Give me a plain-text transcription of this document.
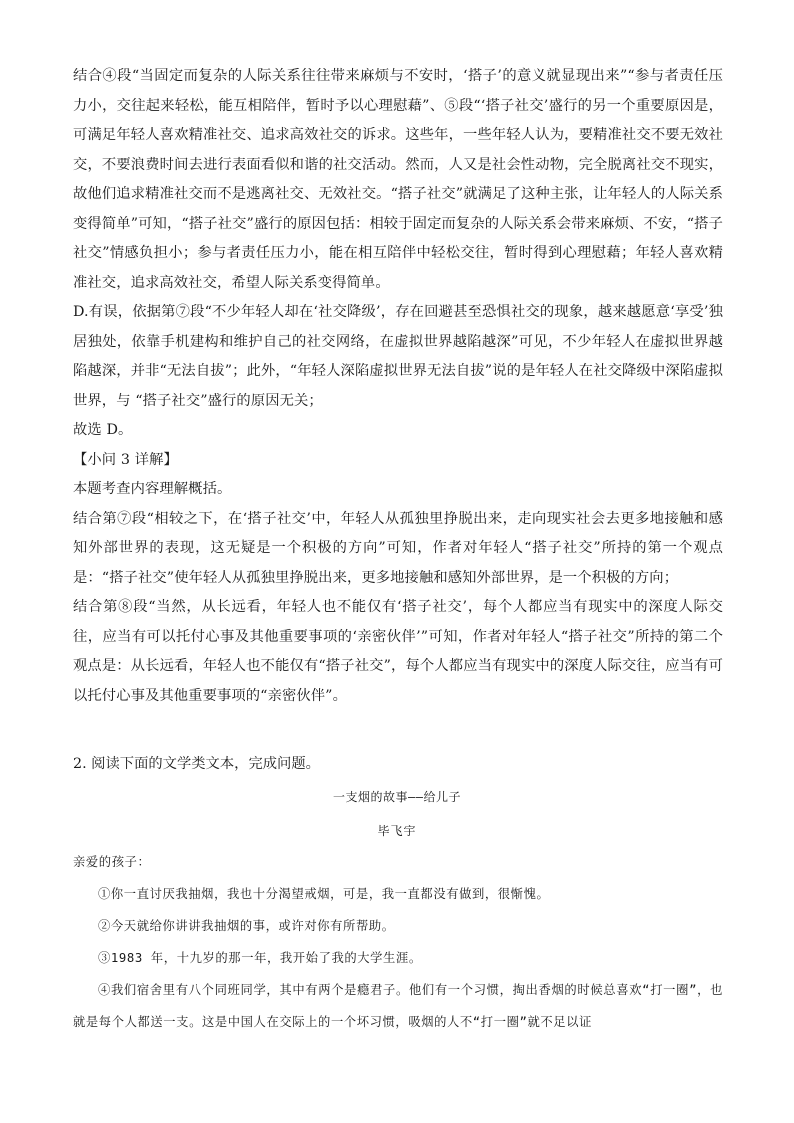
结合④段“当固定而复杂的人际关系往往带来麻烦与不安时，‘搭子’的意义就显现出来”“参与者责任压力小，交往起来轻松，能互相陪伴，暂时予以心理慰藉”、⑤段“‘搭子社交’盛行的另一个重要原因是，可满足年轻人喜欢精准社交、追求高效社交的诉求。这些年，一些年轻人认为，要精准社交不要无效社交，不要浪费时间去进行表面看似和谐的社交活动。然而，人又是社会性动物，完全脱离社交不现实，故他们追求精准社交而不是逃离社交、无效社交。“搭子社交”就满足了这种主张，让年轻人的人际关系变得简单”可知，“搭子社交”盛行的原因包括：相较于固定而复杂的人际关系会带来麻烦、不安，“搭子社交”情感负担小；参与者责任压力小，能在相互陪伴中轻松交往，暂时得到心理慰藉；年轻人喜欢精准社交，追求高效社交，希望人际关系变得简单。

D.有误，依据第⑦段“不少年轻人却在‘社交降级’，存在回避甚至恐惧社交的现象，越来越愿意‘享受’独居独处，依靠手机建构和维护自己的社交网络，在虚拟世界越陷越深”可见，不少年轻人在虚拟世界越陷越深，并非“无法自拔”；此外，“年轻人深陷虚拟世界无法自拔”说的是年轻人在社交降级中深陷虚拟世界，与 “搭子社交”盛行的原因无关；

故选 D。

【小问 3 详解】

本题考查内容理解概括。

结合第⑦段“相较之下，在‘搭子社交’中，年轻人从孤独里挣脱出来，走向现实社会去更多地接触和感知外部世界的表现，这无疑是一个积极的方向”可知，作者对年轻人“搭子社交”所持的第一个观点是：“搭子社交”使年轻人从孤独里挣脱出来，更多地接触和感知外部世界，是一个积极的方向；

结合第⑧段“当然，从长远看，年轻人也不能仅有‘搭子社交’，每个人都应当有现实中的深度人际交往，应当有可以托付心事及其他重要事项的‘亲密伙伴’”可知，作者对年轻人“搭子社交”所持的第二个观点是：从长远看，年轻人也不能仅有“搭子社交”，每个人都应当有现实中的深度人际交往，应当有可以托付心事及其他重要事项的“亲密伙伴”。

2. 阅读下面的文学类文本，完成问题。
一支烟的故事——给儿子
毕飞宇

亲爱的孩子：

①你一直讨厌我抽烟，我也十分渴望戒烟，可是，我一直都没有做到，很惭愧。

②今天就给你讲讲我抽烟的事，或许对你有所帮助。

③1983 年，十九岁的那一年，我开始了我的大学生涯。

④我们宿舍里有八个同班同学，其中有两个是瘾君子。他们有一个习惯，掏出香烟的时候总喜欢“打一圈”，也就是每个人都送一支。这是中国人在交际上的一个坏习惯，吸烟的人不“打一圈”就不足以证
